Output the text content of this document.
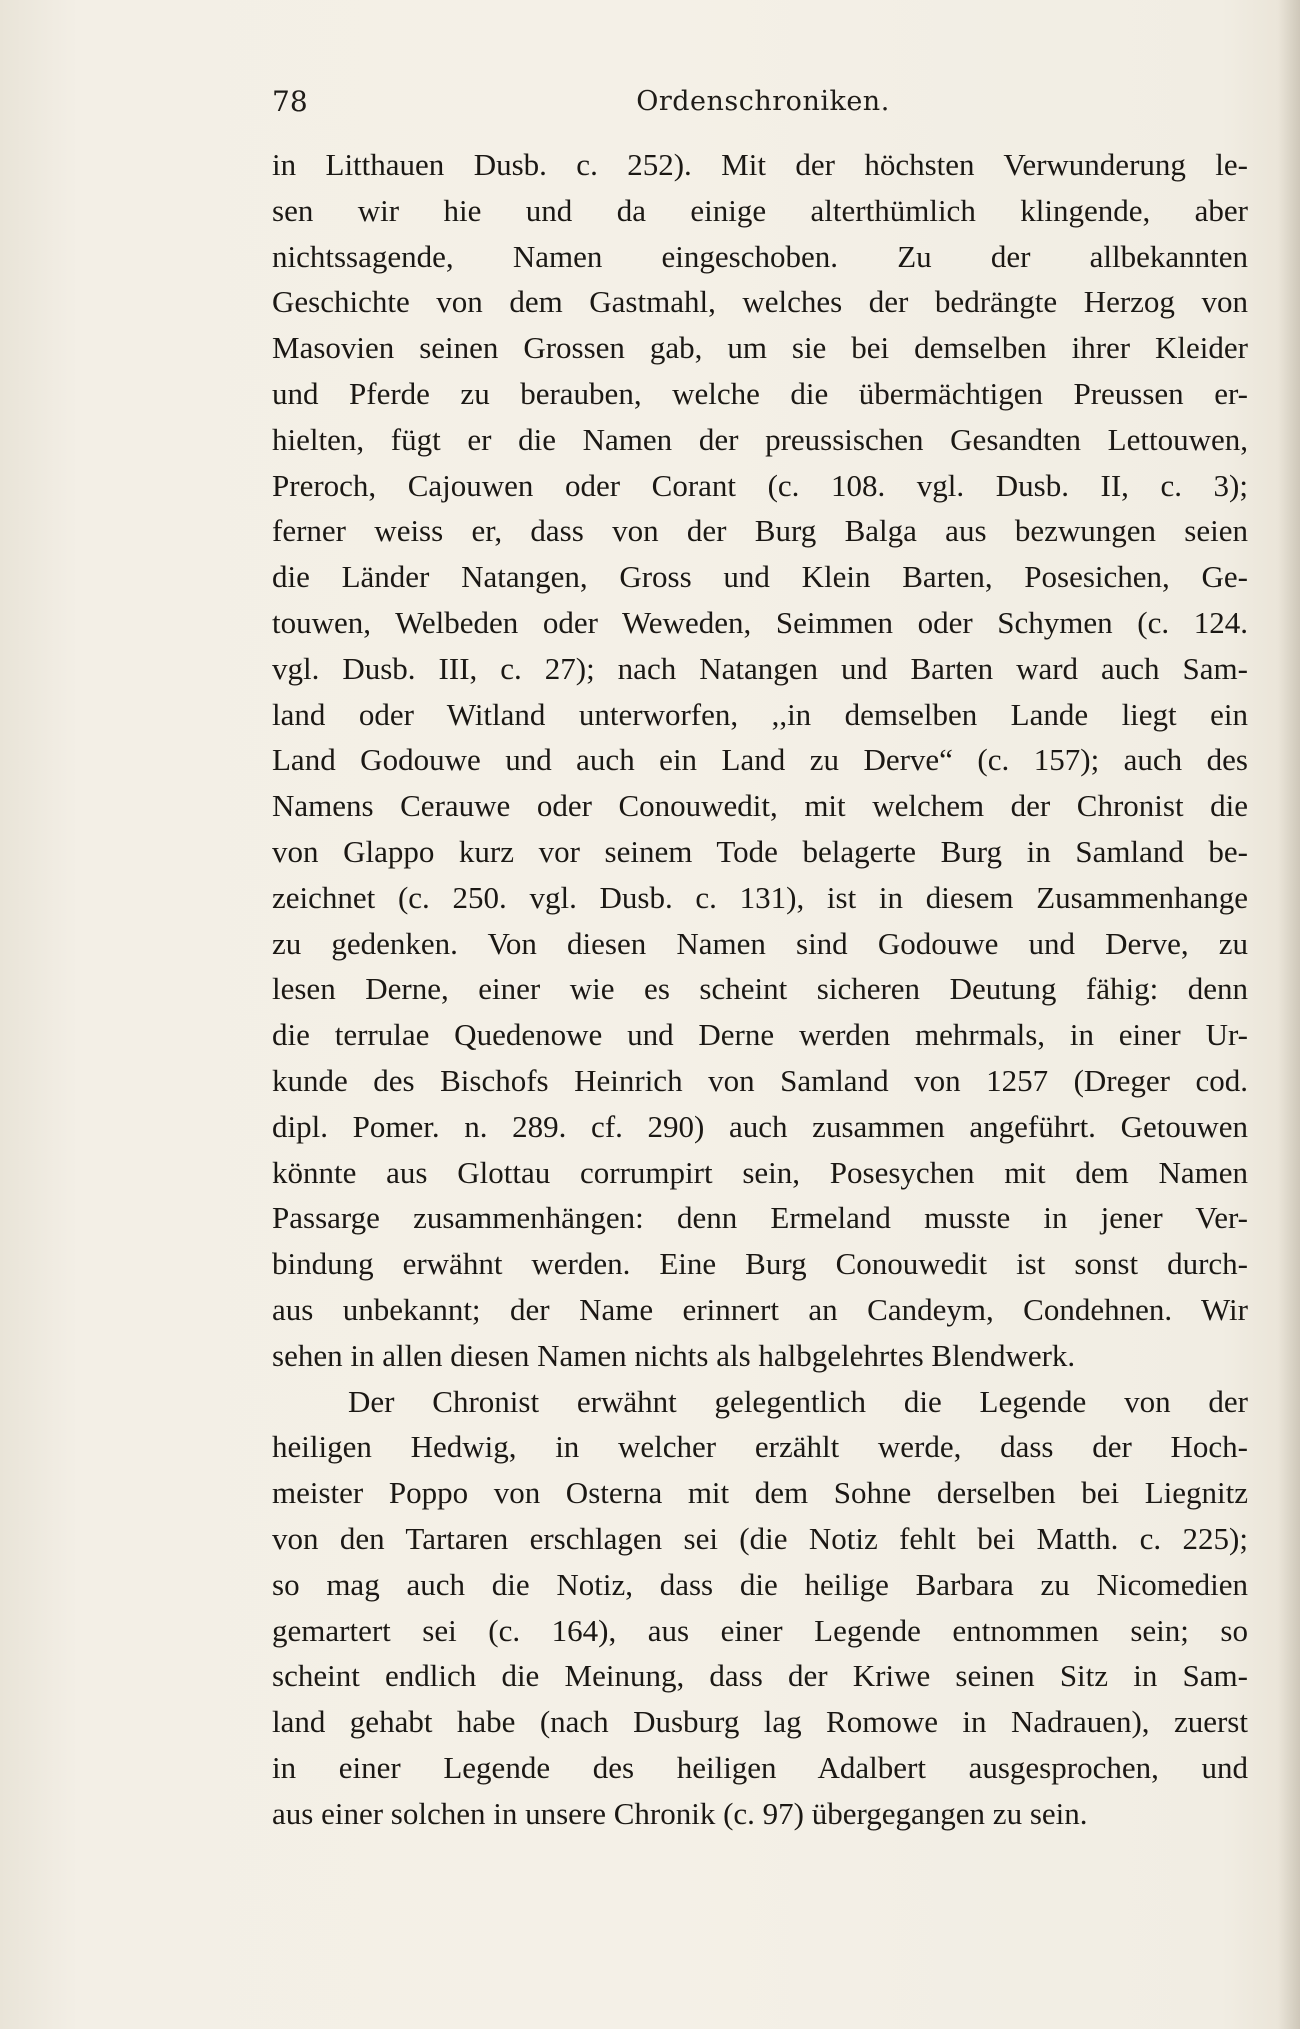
78	Ordenschroniken.

in Litthauen Dusb. c. 252). Mit der höchsten Verwunderung le-
sen wir hie und da einige alterthümlich klingende, aber
nichtssagende, Namen eingeschoben. Zu der allbekannten
Geschichte von dem Gastmahl, welches der bedrängte Herzog von
Masovien seinen Grossen gab, um sie bei demselben ihrer Kleider
und Pferde zu berauben, welche die übermächtigen Preussen er-
hielten, fügt er die Namen der preussischen Gesandten Lettouwen,
Preroch, Cajouwen oder Corant (c. 108. vgl. Dusb. II, c. 3);
ferner weiss er, dass von der Burg Balga aus bezwungen seien
die Länder Natangen, Gross und Klein Barten, Posesichen, Ge-
touwen, Welbeden oder Weweden, Seimmen oder Schymen (c. 124.
vgl. Dusb. III, c. 27); nach Natangen und Barten ward auch Sam-
land oder Witland unterworfen, ,,in demselben Lande liegt ein
Land Godouwe und auch ein Land zu Derve“ (c. 157); auch des
Namens Cerauwe oder Conouwedit, mit welchem der Chronist die
von Glappo kurz vor seinem Tode belagerte Burg in Samland be-
zeichnet (c. 250. vgl. Dusb. c. 131), ist in diesem Zusammenhange
zu gedenken. Von diesen Namen sind Godouwe und Derve, zu
lesen Derne, einer wie es scheint sicheren Deutung fähig: denn
die terrulae Quedenowe und Derne werden mehrmals, in einer Ur-
kunde des Bischofs Heinrich von Samland von 1257 (Dreger cod.
dipl. Pomer. n. 289. cf. 290) auch zusammen angeführt. Getouwen
könnte aus Glottau corrumpirt sein, Posesychen mit dem Namen
Passarge zusammenhängen: denn Ermeland musste in jener Ver-
bindung erwähnt werden. Eine Burg Conouwedit ist sonst durch-
aus unbekannt; der Name erinnert an Candeym, Condehnen. Wir
sehen in allen diesen Namen nichts als halbgelehrtes Blendwerk.

Der Chronist erwähnt gelegentlich die Legende von der
heiligen Hedwig, in welcher erzählt werde, dass der Hoch-
meister Poppo von Osterna mit dem Sohne derselben bei Liegnitz
von den Tartaren erschlagen sei (die Notiz fehlt bei Matth. c. 225);
so mag auch die Notiz, dass die heilige Barbara zu Nicomedien
gemartert sei (c. 164), aus einer Legende entnommen sein; so
scheint endlich die Meinung, dass der Kriwe seinen Sitz in Sam-
land gehabt habe (nach Dusburg lag Romowe in Nadrauen), zuerst
in einer Legende des heiligen Adalbert ausgesprochen, und
aus einer solchen in unsere Chronik (c. 97) übergegangen zu sein.
